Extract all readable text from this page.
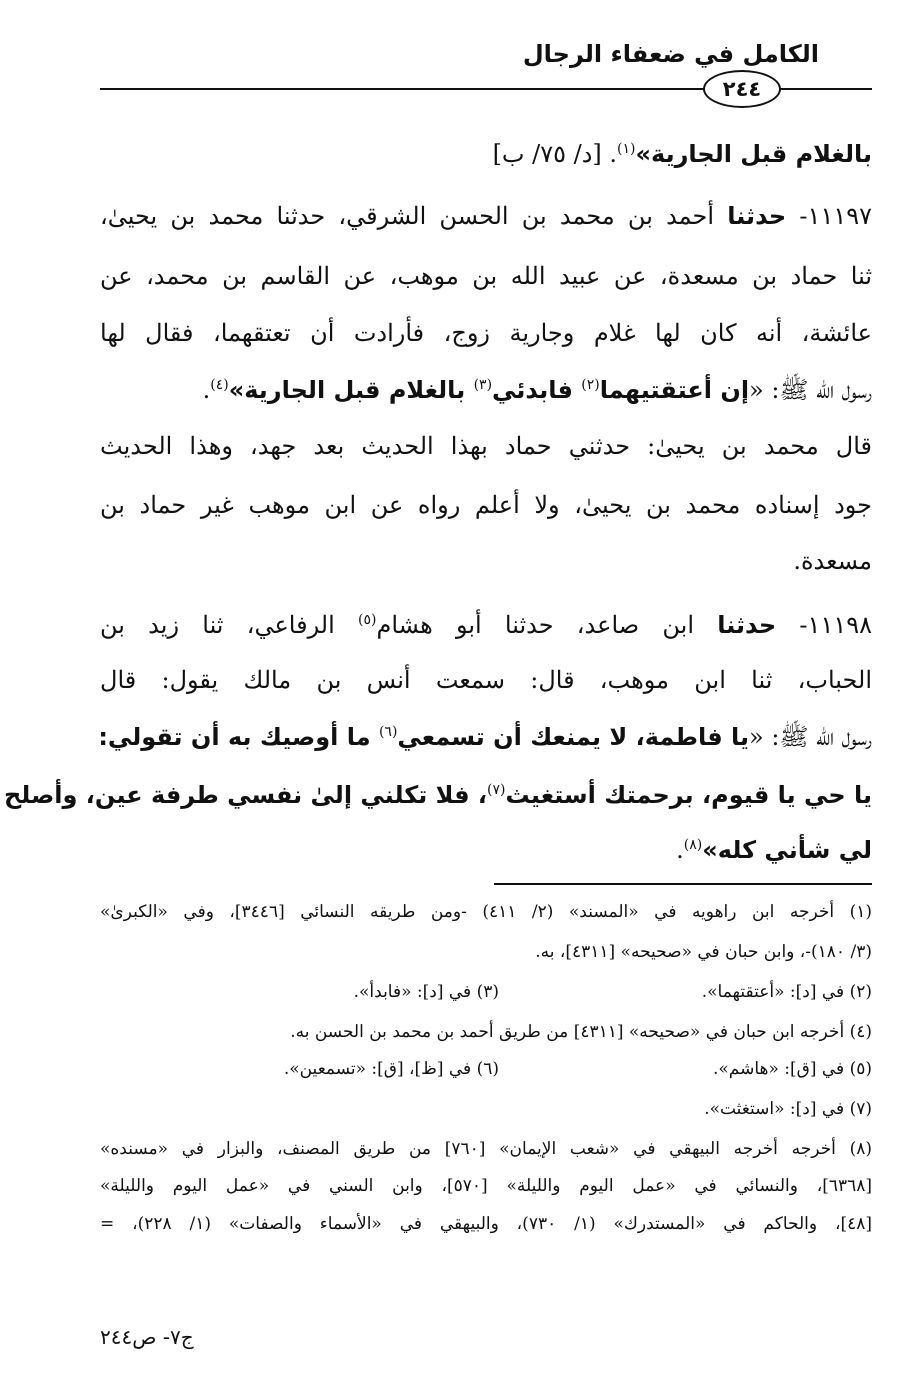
الكامل في ضعفاء الرجال
٢٤٤
بالغلام قبل الجارية»$^{(١)}$. [د/ ٧٥/ ب]
١١١٩٧- حدثنا أحمد بن محمد بن الحسن الشرقي، حدثنا محمد بن يحيىٰ،
ثنا حماد بن مسعدة، عن عبيد الله بن موهب، عن القاسم بن محمد، عن
عائشة، أنه كان لها غلام وجارية زوج، فأرادت أن تعتقهما، فقال لها
رسول الله ﷺ: «إن أعتقتيهما$^{(٢)}$ فابدئي$^{(٣)}$ بالغلام قبل الجارية»$^{(٤)}$.
قال محمد بن يحيىٰ: حدثني حماد بهذا الحديث بعد جهد، وهذا الحديث
جود إسناده محمد بن يحيىٰ، ولا أعلم رواه عن ابن موهب غير حماد بن
مسعدة.
١١١٩٨- حدثنا ابن صاعد، حدثنا أبو هشام$^{(٥)}$ الرفاعي، ثنا زيد بن
الحباب، ثنا ابن موهب، قال: سمعت أنس بن مالك يقول: قال
رسول الله ﷺ: «يا فاطمة، لا يمنعك أن تسمعي$^{(٦)}$ ما أوصيك به أن تقولي:
يا حي يا قيوم، برحمتك أستغيث$^{(٧)}$، فلا تكلني إلىٰ نفسي طرفة عين، وأصلح
لي شأني كله»$^{(٨)}$.
(١) أخرجه ابن راهويه في «المسند» (٢/ ٤١١) -ومن طريقه النسائي [٣٤٤٦]، وفي «الكبرىٰ»
(٣/ ١٨٠)-، وابن حبان في «صحيحه» [٤٣١١]، به.
(٢) في [د]: «أعتقتهما».
(٣) في [د]: «فابدأ».
(٤) أخرجه ابن حبان في «صحيحه» [٤٣١١] من طريق أحمد بن محمد بن الحسن به.
(٥) في [ق]: «هاشم».
(٦) في [ظ]، [ق]: «تسمعين».
(٧) في [د]: «استغثت».
(٨) أخرجه أخرجه البيهقي في «شعب الإيمان» [٧٦٠] من طريق المصنف، والبزار في «مسنده»
[٦٣٦٨]، والنسائي في «عمل اليوم والليلة» [٥٧٠]، وابن السني في «عمل اليوم والليلة»
[٤٨]، والحاكم في «المستدرك» (١/ ٧٣٠)، والبيهقي في «الأسماء والصفات» (١/ ٢٢٨)، =
ج٧- ص٢٤٤
